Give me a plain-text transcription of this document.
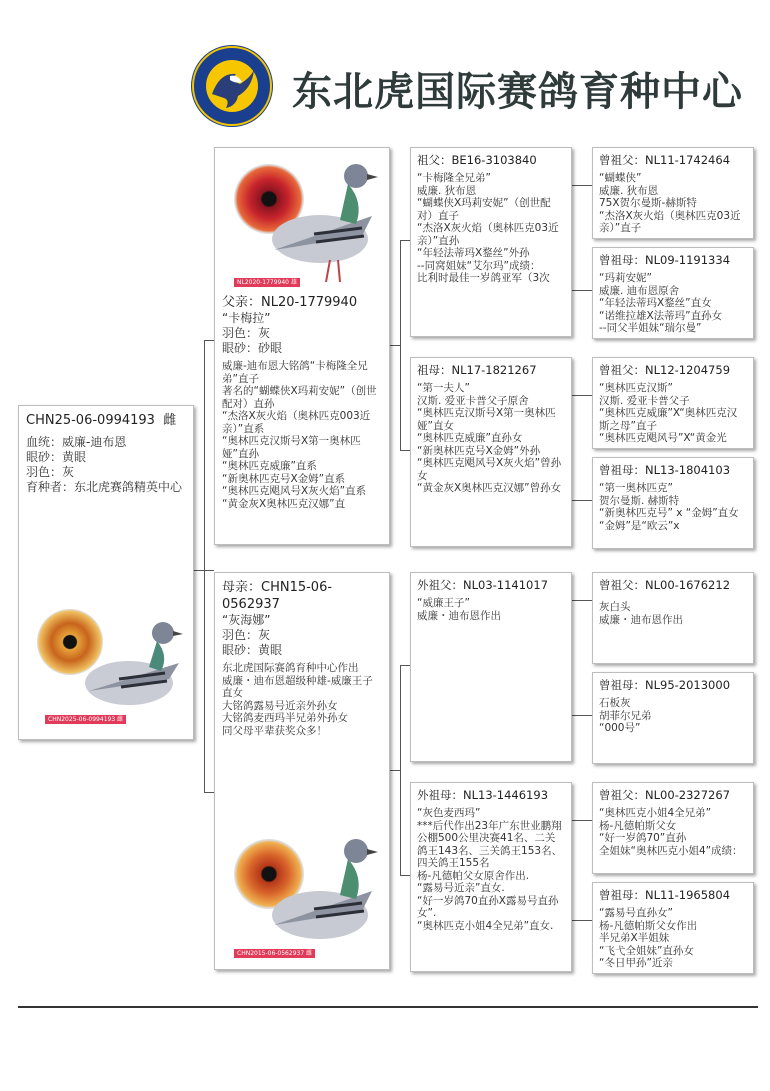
东北虎国际赛鸽育种中心
CHN25-06-0994193 雌
血统：威廉-迪布恩
眼砂：黄眼
羽色：灰
育种者：东北虎赛鸽精英中心
CHN2025-06-0994193 雌
NL2020-1779940 雄
父亲：NL20-1779940
“卡梅拉”
羽色：灰
眼砂：砂眼
威廉-迪布恩大铭鸽“卡梅隆全兄弟”直子
著名的“蝴蝶侠X玛莉安妮”（创世配对）直孙
“杰洛X灰火焰（奥林匹克003近亲）”直系
“奥林匹克汉斯号X第一奥林匹娅”直孙
“奥林匹克威廉”直系
“新奥林匹克号X金姆”直系
“奥林匹克飓风号X灰火焰”直系
“黄金灰X奥林匹克汉娜”直
母亲：CHN15-06-0562937
“灰海娜”
羽色：灰
眼砂：黄眼
东北虎国际赛鸽育种中心作出
威廉・迪布恩超级种雄-威廉王子直女
大铭鸽露易号近亲外孙女
大铭鸽麦西玛半兄弟外孙女
同父母平辈获奖众多！
CHN2015-06-0562937 雌
祖父：BE16-3103840
“卡梅隆全兄弟”
威廉. 狄布恩
“蝴蝶侠X玛莉安妮”（创世配对）直子
“杰洛X灰火焰（奥林匹克03近亲）”直孙
“年轻法蒂玛X鍪丝”外孙
--同窝姐妹“艾尔玛”成绩：
比利时最佳一岁鸽亚军（3次
祖母：NL17-1821267
“第一夫人”
汉斯. 爱亚卡普父子原舍
“奥林匹克汉斯号X第一奥林匹娅”直女
“奥林匹克威廉”直孙女
“新奥林匹克号X金姆”外孙
“奥林匹克飓风号X灰火焰”曾孙女
“黄金灰X奥林匹克汉娜”曾孙女
外祖父：NL03-1141017
“威廉王子”
威廉・迪布恩作出
外祖母：NL13-1446193
“灰色麦西玛”
***后代作出23年广东世业鹏翔公棚500公里决赛41名、二关鸽王143名、三关鸽王153名、四关鸽王155名
杨-凡德帕父女原舍作出.
“露易号近亲”直女.
“好一岁鸽70直孙X露易号直孙女”.
“奥林匹克小姐4全兄弟”直女.
曾祖父：NL11-1742464
“蝴蝶侠”
威廉. 狄布恩
75X贺尔曼斯-赫斯特
“杰洛X灰火焰（奥林匹克03近亲）”直子
曾祖母：NL09-1191334
“玛莉安妮”
威廉. 迪布恩原舍
“年轻法蒂玛X鍪丝”直女
“诺维拉雄X法蒂玛”直孙女
--同父半姐妹“瑞尔曼”
曾祖父：NL12-1204759
“奥林匹克汉斯”
汉斯. 爱亚卡普父子
“奥林匹克威廉”X“奥林匹克汉斯之母”直子
“奥林匹克飓风号”X“黄金光
曾祖母：NL13-1804103
“第一奥林匹克”
贺尔曼斯. 赫斯特
“新奥林匹克号” x “金姆”直女
“金姆”是“欧云”x
曾祖父：NL00-1676212
灰白头
威廉・迪布恩作出
曾祖母：NL95-2013000
石板灰
胡菲尔兄弟
“000号”
曾祖父：NL00-2327267
“奥林匹克小姐4全兄弟”
杨-凡德帕斯父女
“好一岁鸽70”直孙
全姐妹“奥林匹克小姐4”成绩：
曾祖母：NL11-1965804
“露易号直孙女”
杨-凡德帕斯父女作出
半兄弟X半姐妹
“飞弋全姐妹”直孙女
“冬日甲孙”近亲
